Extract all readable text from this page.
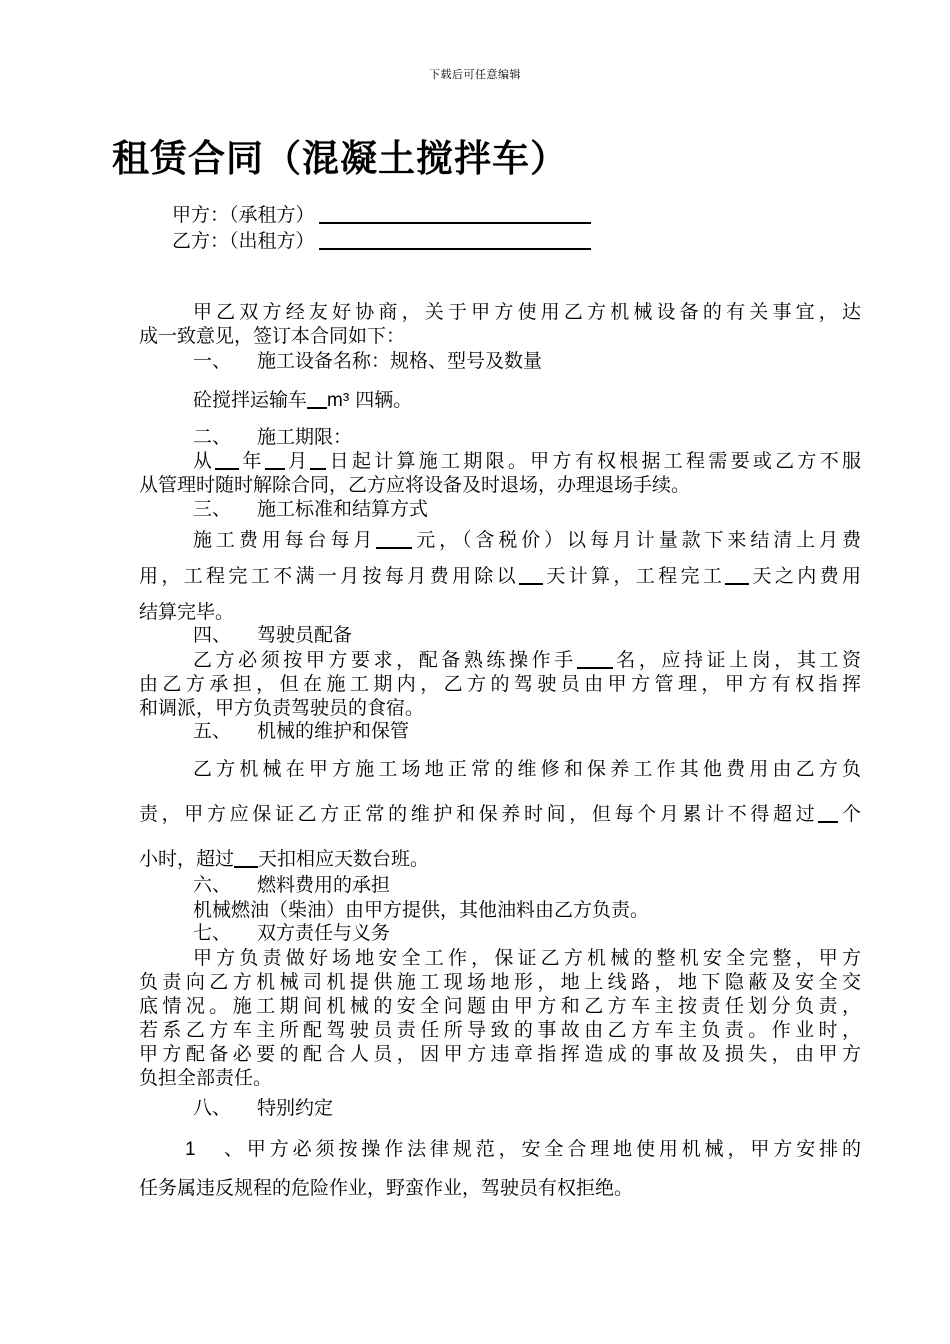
下载后可任意编辑
租赁合同（混凝土搅拌车）
甲方：（承租方）
乙方：（出租方）

甲乙双方经友好协商，关于甲方使用乙方机械设备的有关事宜，达

成一致意见，签订本合同如下：

一、 施工设备名称：规格、型号及数量
砼搅拌运输车 m³ 四辆。
二、 施工期限：

从 年 月 日起计算施工期限。甲方有权根据工程需要或乙方不服

从管理时随时解除合同，乙方应将设备及时退场，办理退场手续。

三、 施工标准和结算方式

施工费用每台每月 元，（含税价）以每月计量款下来结清上月费

用，工程完工不满一月按每月费用除以 天计算，工程完工 天之内费用

结算完毕。

四、 驾驶员配备

乙方必须按甲方要求，配备熟练操作手 名，应持证上岗，其工资

由乙方承担，但在施工期内，乙方的驾驶员由甲方管理，甲方有权指挥

和调派，甲方负责驾驶员的食宿。

五、 机械的维护和保管

乙方机械在甲方施工场地正常的维修和保养工作其他费用由乙方负

责，甲方应保证乙方正常的维护和保养时间，但每个月累计不得超过 个

小时，超过 天扣相应天数台班。

六、 燃料费用的承担
机械燃油（柴油）由甲方提供，其他油料由乙方负责。
七、 双方责任与义务

甲方负责做好场地安全工作，保证乙方机械的整机安全完整，甲方

负责向乙方机械司机提供施工现场地形，地上线路，地下隐蔽及安全交

底情况。施工期间机械的安全问题由甲方和乙方车主按责任划分负责，

若系乙方车主所配驾驶员责任所导致的事故由乙方车主负责。作业时，

甲方配备必要的配合人员，因甲方违章指挥造成的事故及损失，由甲方

负担全部责任。

八、 特别约定

1、甲方必须按操作法律规范，安全合理地使用机械，甲方安排的

任务属违反规程的危险作业，野蛮作业，驾驶员有权拒绝。
